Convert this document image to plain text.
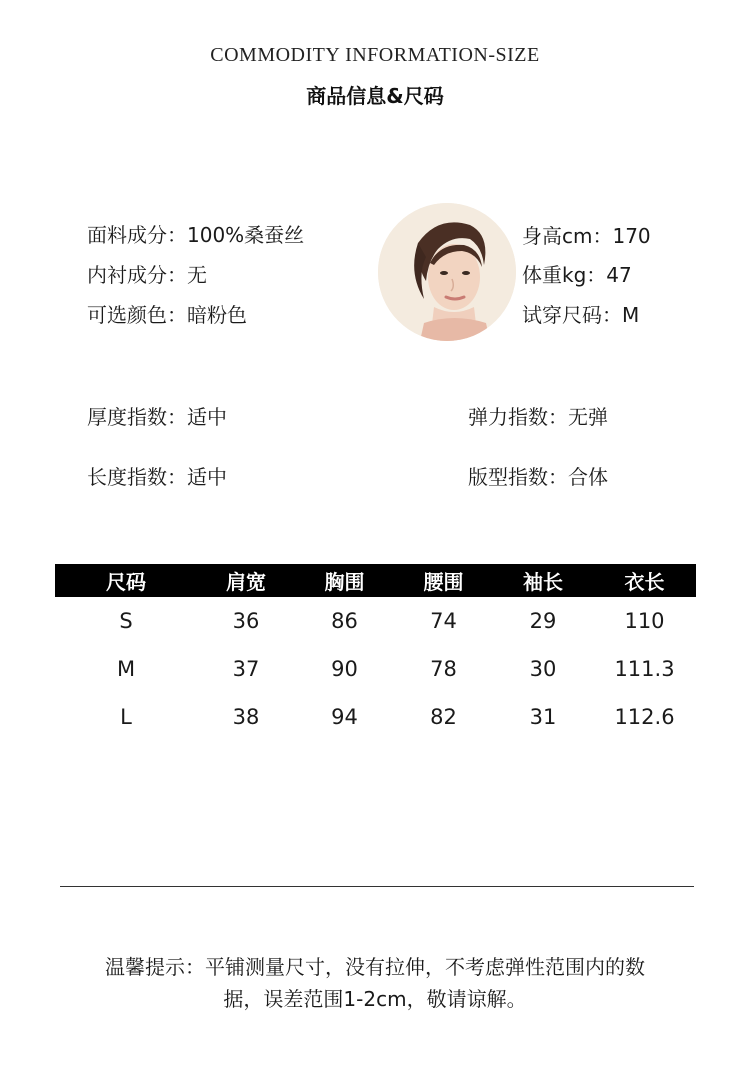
COMMODITY INFORMATION-SIZE
商品信息&尺码
面料成分：100%桑蚕丝
内衬成分：无
可选颜色：暗粉色
身高cm：170
体重kg：47
试穿尺码：M
厚度指数：适中	弹力指数：无弹
长度指数：适中	版型指数：合体
尺码	肩宽	胸围	腰围	袖长	衣长
S	36	86	74	29	110
M	37	90	78	30	111.3
L	38	94	82	31	112.6
温馨提示：平铺测量尺寸，没有拉伸，不考虑弹性范围内的数
据，误差范围1-2cm，敬请谅解。
